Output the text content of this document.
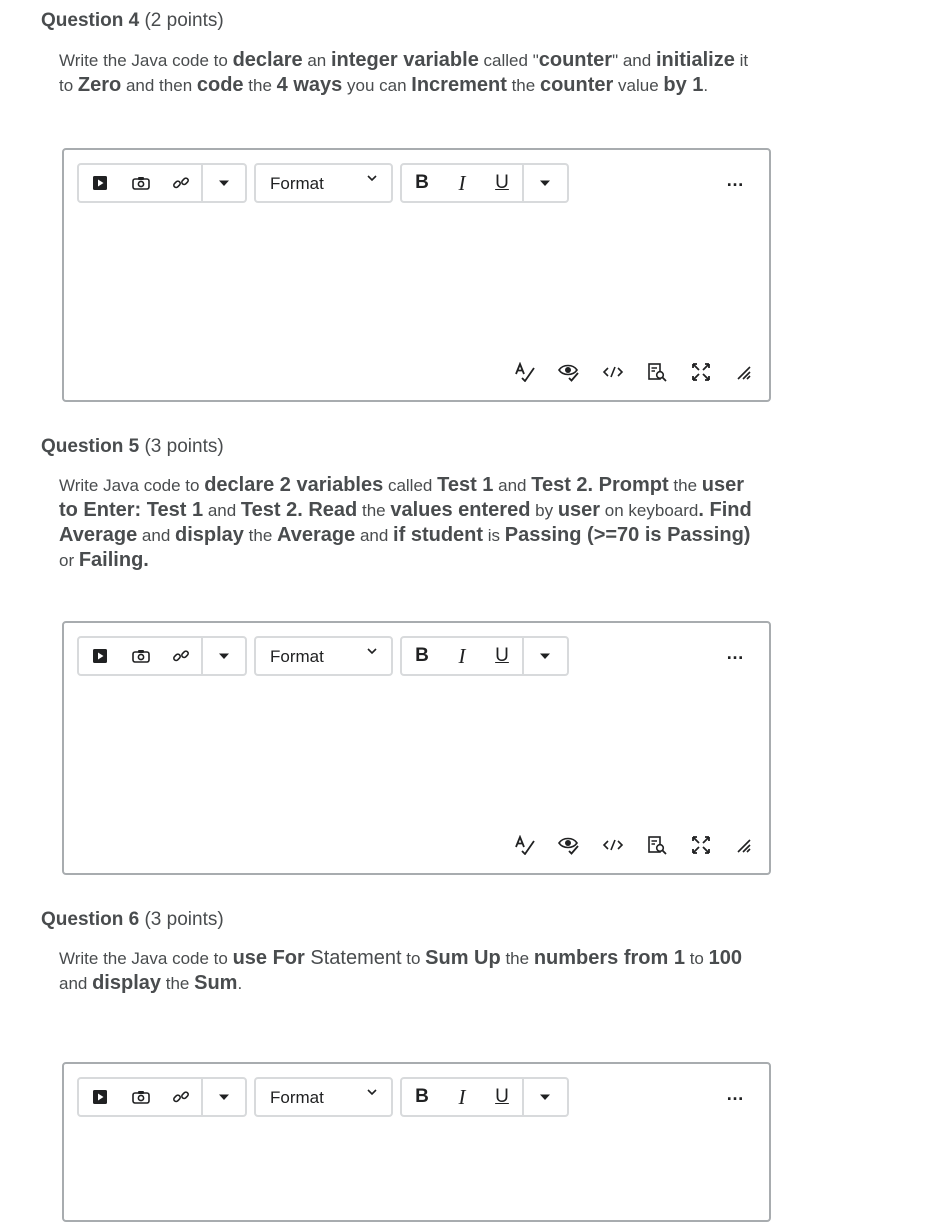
Question 4 (2 points)
Write the Java code to declare an integer variable called "counter" and initialize it to Zero and then code the 4 ways you can Increment the counter value by 1.
Format	B I U	…
Question 5 (3 points)
Write Java code to declare 2 variables called Test 1 and Test 2. Prompt the user to Enter: Test 1 and Test 2. Read the values entered by user on keyboard. Find Average and display the Average and if student is Passing (>=70 is Passing) or Failing.
Format	B I U	…
Question 6 (3 points)
Write the Java code to use For Statement to Sum Up the numbers from 1 to 100 and display the Sum.
Format	B I U	…
